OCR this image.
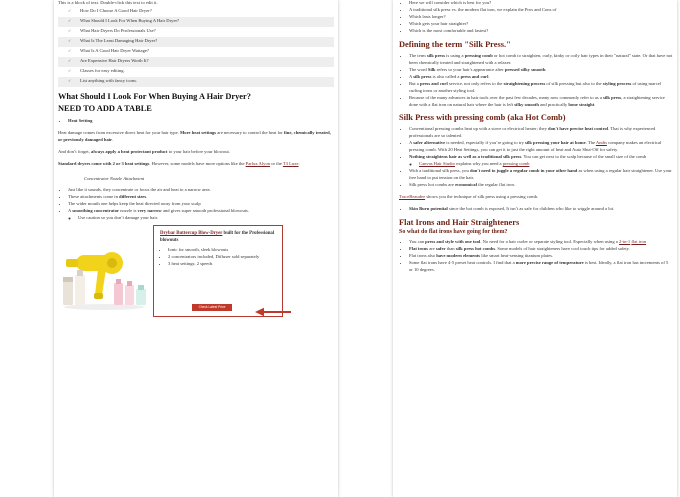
This is a block of text. Double-click this text to edit it.

✓ How Do I Choose A Good Hair Dryer?
✓ What Should I Look For When Buying A Hair Dryer?
✓ What Hair Dryers Do Professionals Use?
✓ What Is The Least Damaging Hair Dryer?
✓ What Is A Good Hair Dryer Wattage?
✓ Are Expensive Hair Dryers Worth It?
✓ Classes for easy editing.
✓ List anything with fancy icons.
What Should I Look For When Buying A Hair Dryer?
NEED TO ADD A TABLE
• Heat Setting

Heat damage comes from excessive direct heat for your hair type. More heat settings are necessary to control the heat for fine, chemically treated, or previously damaged hair.

And don’t forget, always apply a heat protectant product to your hair before your blowout.

Standard dryers come with 2 or 3 heat settings. However, some models have more options like the Parlux Alyon or the T3 Luxe.

Concentrator Nozzle Attachment
• Just like it sounds, they concentrate or focus the air and heat to a narrow area.
• These attachments come in different sizes.
• The wider mouth one helps keep the heat directed away from your scalp
• A smoothing concentrator nozzle is very narrow and gives super smooth professional blowouts.
◦ Use caution so you don’t damage your hair.
Drybar Buttercup Blow-Dryer built for the Professional blowouts
• Ionic for smooth, sleek blowouts
• 2 concentrators included, Diffuser sold separately
• 3 heat settings; 2 speeds
Check Latest Price
• Here we will consider which is best for you?
• A traditional silk press vs. the modern flat iron, we explain the Pros and Cons of
• Which lasts longer?
• Which gets your hair straighter?
• Which is the most comfortable and fastest?
Defining the term "Silk Press."
• The term silk press is using a pressing comb or hot comb to straighten, curly, kinky or coily hair types in their "natural" state. Or that have not been chemically treated and straightened with a relaxer.
• The word Silk refers to your hair's appearance after pressed silky smooth.
• A silk press is also called a press and curl.
• But a press and curl service, not only refers to the straightening process of silk pressing but also to the styling process of using marcel curling irons or another styling tool.
• Because of the many advances in hair tools over the past few decades, many now commonly refer to as a silk press, a straightening service done with a flat iron on natural hair where the hair is left silky smooth and practically bone straight.
Silk Press with pressing comb (aka Hot Comb)
• Conventional pressing combs heat up with a stove or electrical heater; they don't have precise heat control. That is why experienced professionals are so talented.
• A safer alternative is needed, especially if you’re going to try silk pressing your hair at home. The Andis company makes an electrical pressing comb. With 20 Heat Settings, you can get it to just the right amount of heat and Auto Shut-Off for safety.
• Nothing straightens hair as well as a traditional silk press. You can get next to the scalp because of the small size of the comb
◦ Canvas Hair Studio explains why you need a pressing comb
• With a traditional silk press, you don't need to juggle a regular comb in your other hand as when using a regular hair straightener. Use your free hand to put tension on the hair.
• Silk press hot combs are economical the regular flat iron.

TraceBeaudee shows you the technique of silk press using a pressing comb.

• Skin Burn potential since the hot comb is exposed, It isn’t as safe for children who like to wiggle around a lot.
Flat Irons and Hair Straighteners
So what do flat irons have going for them?
• You can press and style with one tool. No need for a hair curler or separate styling tool. Especially when using a 2-in-1 flat iron
• Flat irons are safer than silk press hot combs. Some models of hair straighteners have cool touch tips for added safety.
• Flat irons also have modern elements like smart heat-sensing titanium plates.
• Some flat irons have 4-5 preset heat controls. I find that a more precise range of temperature is best. Ideally, a flat iron has increments of 5 or 10 degrees.
